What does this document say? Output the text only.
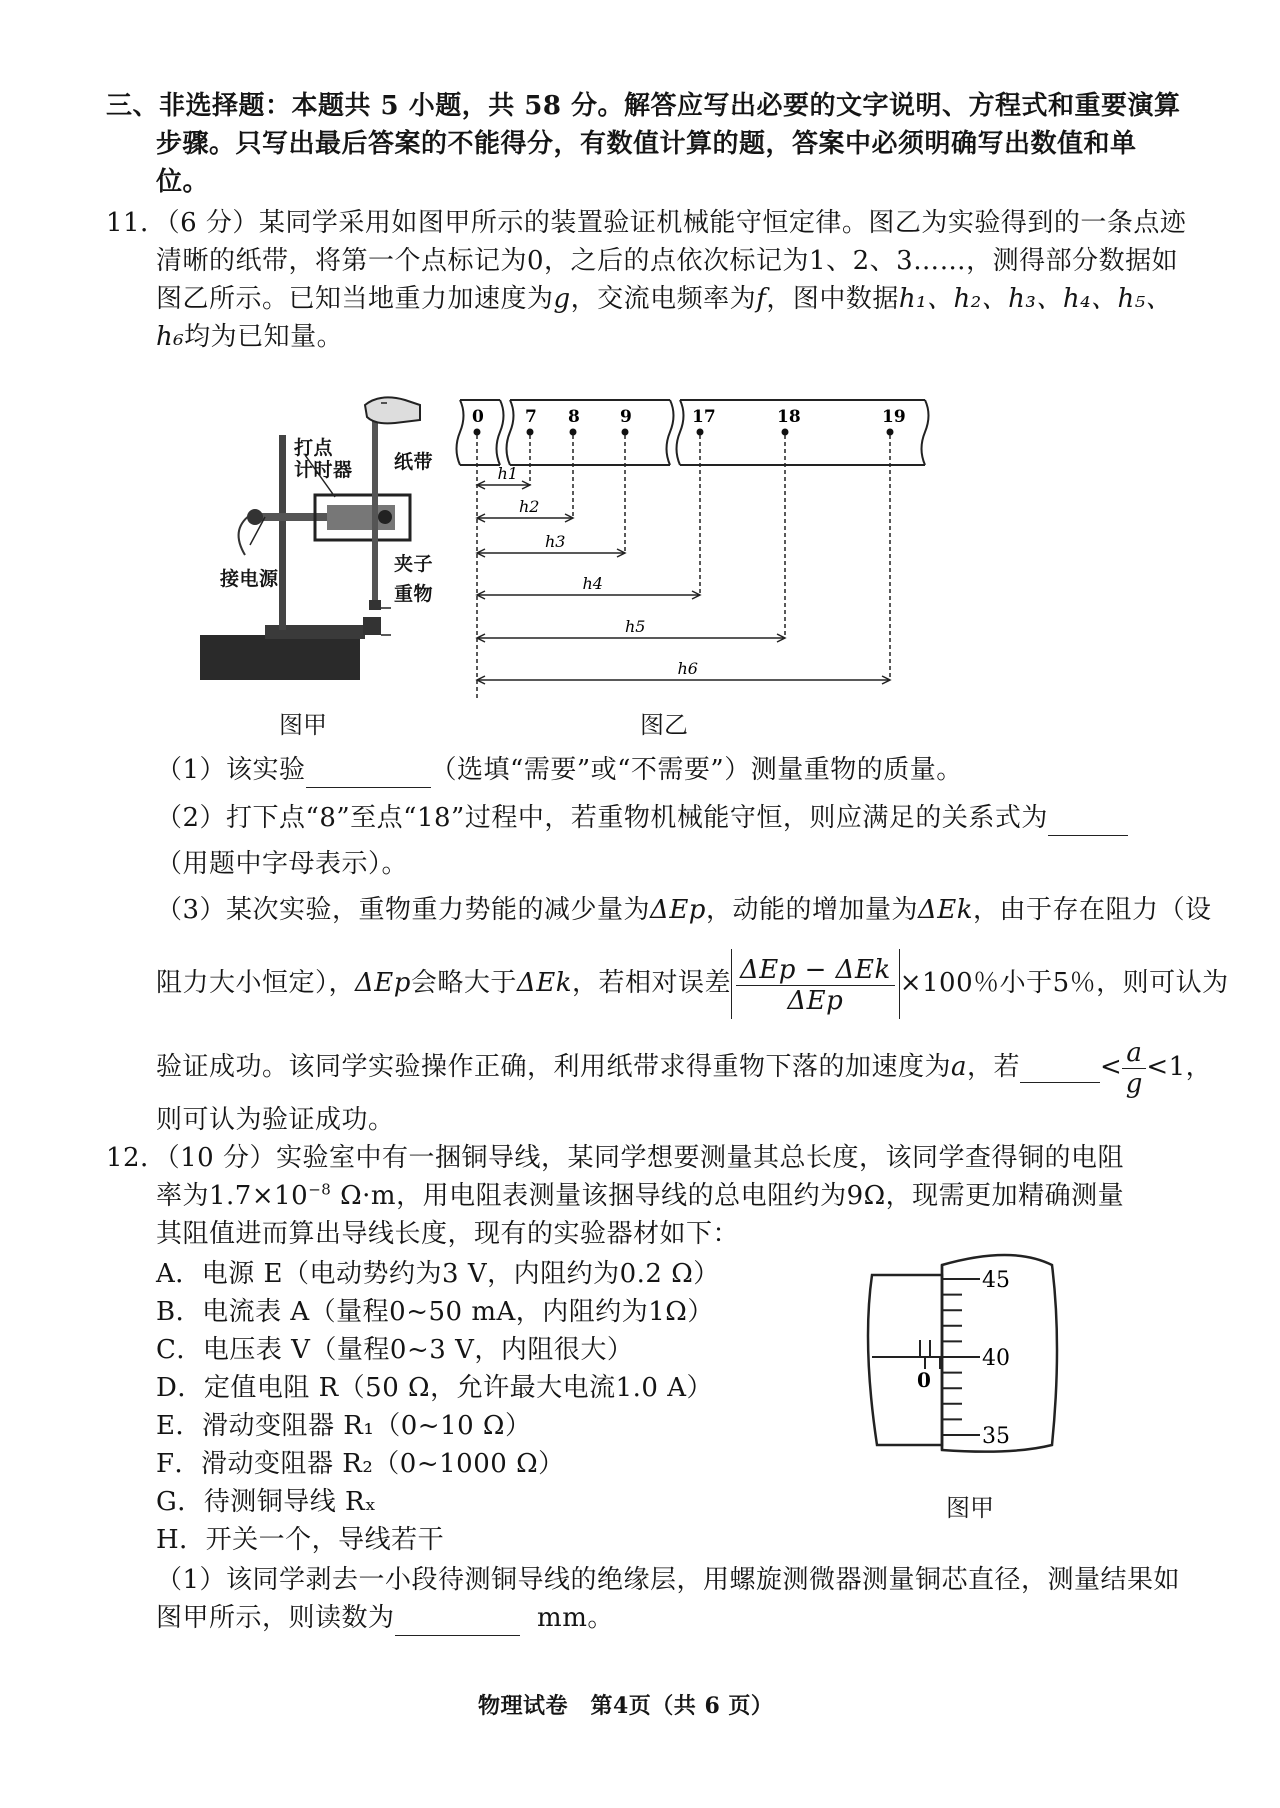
三、非选择题：本题共 5 小题，共 58 分。解答应写出必要的文字说明、方程式和重要演算
步骤。只写出最后答案的不能得分，有数值计算的题，答案中必须明确写出数值和单
位。
11．（6 分）某同学采用如图甲所示的装置验证机械能守恒定律。图乙为实验得到的一条点迹
清晰的纸带，将第一个点标记为0，之后的点依次标记为1、2、3……，测得部分数据如
图乙所示。已知当地重力加速度为g，交流电频率为f，图中数据h₁、h₂、h₃、h₄、h₅、
h₆均为已知量。
打点
计时器 纸带
接电源
夹子
重物
图甲
0 7 8 9	17	18	19
h1
h2
h3
h4
h5
h6
图乙
（1）该实验	（选填“需要”或“不需要”）测量重物的质量。
（2）打下点“8”至点“18”过程中，若重物机械能守恒，则应满足的关系式为
（用题中字母表示）。
（3）某次实验，重物重力势能的减少量为ΔEp，动能的增加量为ΔEk，由于存在阻力（设
阻力大小恒定），ΔEp会略大于ΔEk，若相对误差 $\frac{\text{ΔEp − ΔEk}}{\text{ΔEp}} \times 100$％小于5％，则可认为
验证成功。该同学实验操作正确，利用纸带求得重物下落的加速度为a，若	< $\frac{a}{g} <1$，
则可认为验证成功。
12．（10 分）实验室中有一捆铜导线，某同学想要测量其总长度，该同学查得铜的电阻
率为$1.7\times 10^{-8}$ Ω·m，用电阻表测量该捆导线的总电阻约为9Ω，现需更加精确测量
其阻值进而算出导线长度，现有的实验器材如下：
A．电源 E（电动势约为3 V，内阻约为0.2 Ω）
B．电流表 A（量程0~50 mA，内阻约为1Ω）
C．电压表 V（量程0~3 V，内阻很大）
D．定值电阻 R（50 Ω，允许最大电流1.0 A）
E．滑动变阻器 R₁（0~10 Ω）
F．滑动变阻器 R₂（0~1000 Ω）
G．待测铜导线 Rₓ
H．开关一个，导线若干
45
40
35
0
图甲
（1）该同学剥去一小段待测铜导线的绝缘层，用螺旋测微器测量铜芯直径，测量结果如
图甲所示，则读数为	mm。
物理试卷　第4页（共 6 页）
